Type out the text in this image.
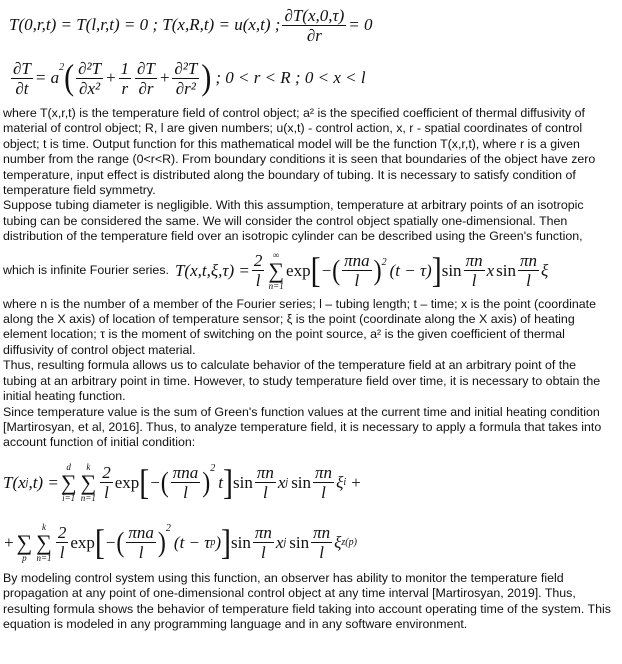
T(0,r,t) = T(l,r,t) = 0 ; T(x,R,t) = u(x,t) ; $\frac{\partial T(x,0,\tau)}{\partial r} = 0$
$\frac{\partial T}{\partial t} = a$
$^2$ ( $\frac{\text{∂²T}}{\text{∂x²}} + \frac{1}{r} \frac{\partial T}{\partial r} + \frac{\text{∂²T}}{\text{∂r²}}$ ) ; 0 < r < R ; 0 < x < l

where T(x,r,t) is the temperature field of control object; a² is the specified coefficient of thermal diffusivity of material of control object; R, l are given numbers; u(x,t) - control action, x, r - spatial coordinates of control object; t is time. Output function for this mathematical model will be the function T(x,r,t), where r is a given number from the range (0<r<R). From boundary conditions it is seen that boundaries of the object have zero temperature, input effect is distributed along the boundary of tubing. It is necessary to satisfy condition of temperature field symmetry.

Suppose tubing diameter is negligible. With this assumption, temperature at arbitrary points of an isotropic tubing can be considered the same. We will consider the control object spatially one-dimensional. Then distribution of the temperature field over an isotropic cylinder can be described using the Green's function,

which is infinite Fourier series. $T(x,t,\xi,\tau) = \frac{2}{l}$ ∞
∑
n=1
exp [ − ( $\frac{\text{πna}}{l} )^2$ (t − τ) ] $\sin \frac{\pi n}{l}$ x $\sin \frac{\pi n}{l}$ ξ

where n is the number of a member of the Fourier series; l – tubing length; t – time; x is the point (coordinate along the X axis) of location of temperature sensor; ξ is the point (coordinate along the X axis) of heating element location; τ is the moment of switching on the point source, a² is the given coefficient of thermal diffusivity of control object material.

Thus, resulting formula allows us to calculate behavior of the temperature field at an arbitrary point of the tubing at an arbitrary point in time. However, to study temperature field over time, it is necessary to obtain the initial heating function.

Since temperature value is the sum of Green's function values at the current time and initial heating condition [Martirosyan, et al, 2016]. Thus, to analyze temperature field, it is necessary to apply a formula that takes into account function of initial condition:

T(x j ,t) =
d
∑
i=1
k
∑
$n=1 \frac{2}{l}$ exp [ − ( $\frac{\text{πna}}{l} )^2$
t ] $\sin \frac{\pi n}{l}$ x j $\sin \frac{\pi n}{l}$ ξ i +
+
∑
p
k
∑
$n=1 \frac{2}{l}$ exp [ − ( $\frac{\text{πna}}{l} )^2$
(t − τ p ) ] $\sin \frac{\pi n}{l}$ x j $\sin \frac{\pi n}{l}$ ξ z(p)

By modeling control system using this function, an observer has ability to monitor the temperature field propagation at any point of one-dimensional control object at any time interval [Martirosyan, 2019]. Thus, resulting formula shows the behavior of temperature field taking into account operating time of the system. This equation is modeled in any programming language and in any software environment.
